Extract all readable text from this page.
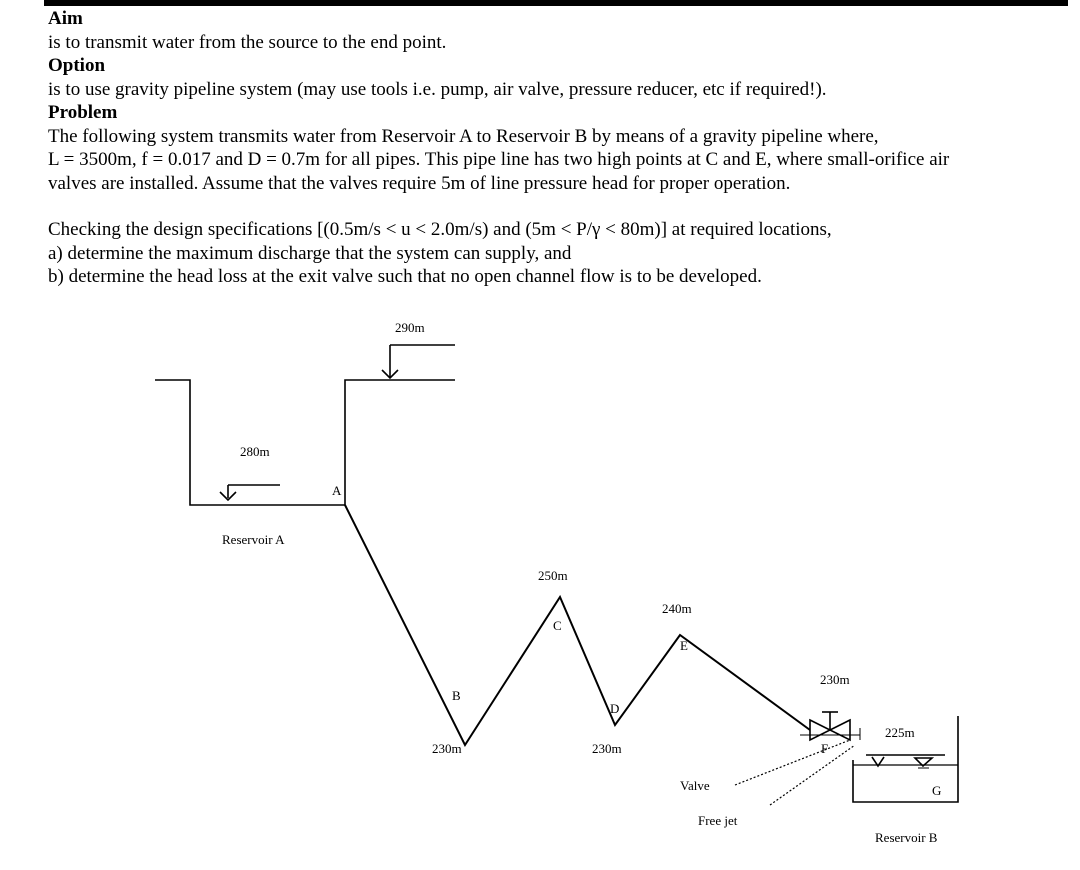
Aim

is to transmit water from the source to the end point.

Option

is to use gravity pipeline system (may use tools i.e. pump, air valve, pressure reducer, etc if required!).

Problem

The following system transmits water from Reservoir A to Reservoir B by means of a gravity pipeline where,

L = 3500m, f = 0.017 and D = 0.7m for all pipes. This pipe line has two high points at C and E, where small-orifice air

valves are installed. Assume that the valves require 5m of line pressure head for proper operation.

Checking the design specifications [(0.5m/s < u < 2.0m/s) and (5m < P/γ < 80m)] at required locations,

a) determine the maximum discharge that the system can supply, and

b) determine the head loss at the exit valve such that no open channel flow is to be developed.

290m
280m
A
Reservoir A
250m
C
240m
E
230m
B
D
230m	230m
225m
F
G
Valve
Free jet
Reservoir B
